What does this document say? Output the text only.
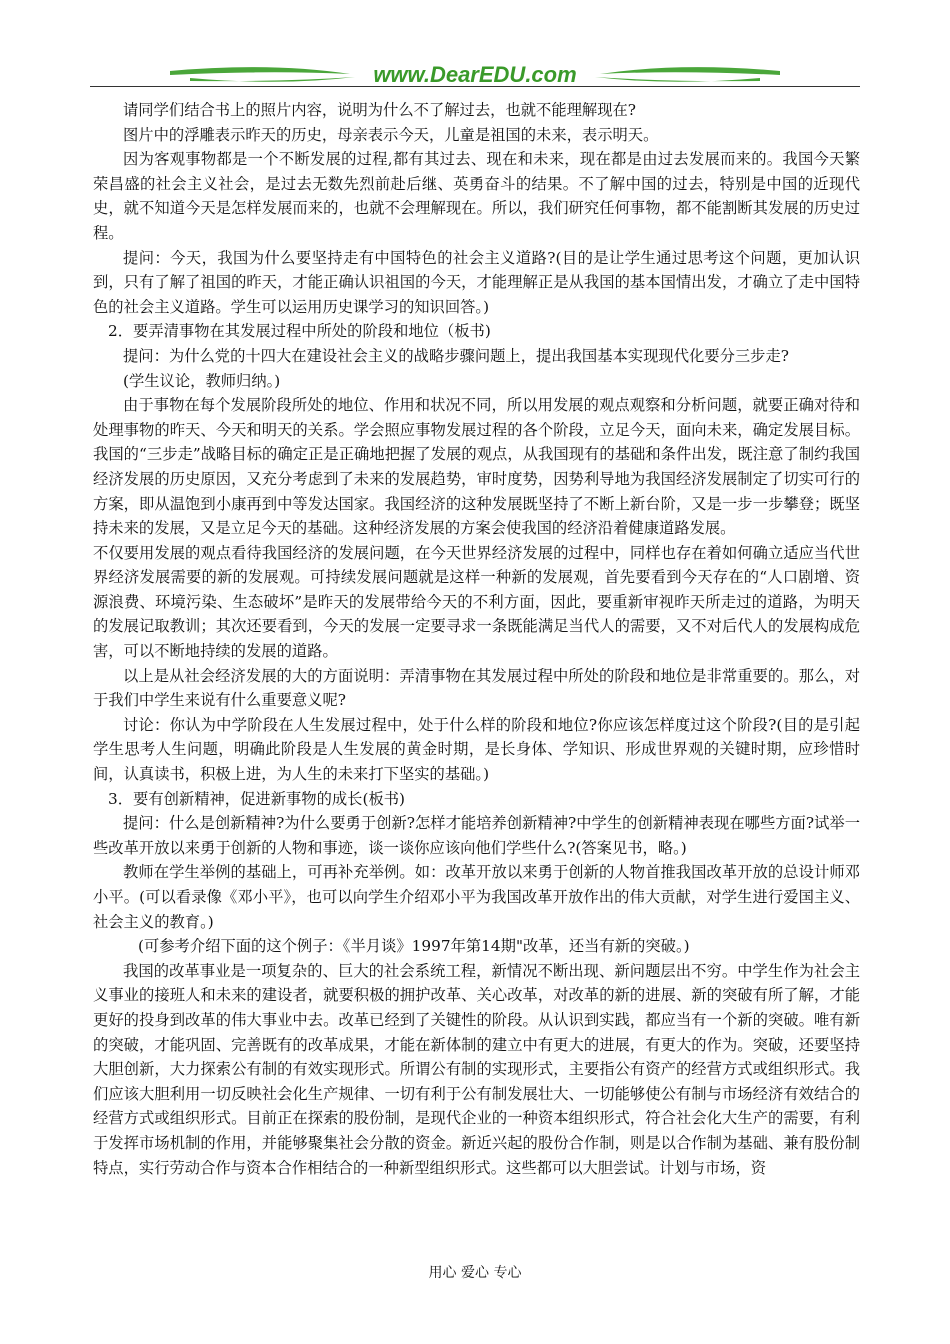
www.DearEDU.com

请同学们结合书上的照片内容，说明为什么不了解过去，也就不能理解现在?

图片中的浮雕表示昨天的历史，母亲表示今天，儿童是祖国的未来，表示明天。

因为客观事物都是一个不断发展的过程,都有其过去、现在和未来，现在都是由过去发展而来的。我国今天繁荣昌盛的社会主义社会，是过去无数先烈前赴后继、英勇奋斗的结果。不了解中国的过去，特别是中国的近现代史，就不知道今天是怎样发展而来的，也就不会理解现在。所以，我们研究任何事物，都不能割断其发展的历史过程。

提问：今天，我国为什么要坚持走有中国特色的社会主义道路?(目的是让学生通过思考这个问题，更加认识到，只有了解了祖国的昨天，才能正确认识祖国的今天，才能理解正是从我国的基本国情出发，才确立了走中国特色的社会主义道路。学生可以运用历史课学习的知识回答。)

2．要弄清事物在其发展过程中所处的阶段和地位（板书)

提问：为什么党的十四大在建设社会主义的战略步骤问题上，提出我国基本实现现代化要分三步走?

(学生议论，教师归纳。)

由于事物在每个发展阶段所处的地位、作用和状况不同，所以用发展的观点观察和分析问题，就要正确对待和处理事物的昨天、今天和明天的关系。学会照应事物发展过程的各个阶段，立足今天，面向未来，确定发展目标。我国的“三步走”战略目标的确定正是正确地把握了发展的观点，从我国现有的基础和条件出发，既注意了制约我国经济发展的历史原因，又充分考虑到了未来的发展趋势，审时度势，因势利导地为我国经济发展制定了切实可行的方案，即从温饱到小康再到中等发达国家。我国经济的这种发展既坚持了不断上新台阶，又是一步一步攀登；既坚持未来的发展，又是立足今天的基础。这种经济发展的方案会使我国的经济沿着健康道路发展。

不仅要用发展的观点看待我国经济的发展问题，在今天世界经济发展的过程中，同样也存在着如何确立适应当代世界经济发展需要的新的发展观。可持续发展问题就是这样一种新的发展观，首先要看到今天存在的“人口剧增、资源浪费、环境污染、生态破坏”是昨天的发展带给今天的不利方面，因此，要重新审视昨天所走过的道路，为明天的发展记取教训；其次还要看到，今天的发展一定要寻求一条既能满足当代人的需要，又不对后代人的发展构成危害，可以不断地持续的发展的道路。

以上是从社会经济发展的大的方面说明：弄清事物在其发展过程中所处的阶段和地位是非常重要的。那么，对于我们中学生来说有什么重要意义呢?

讨论：你认为中学阶段在人生发展过程中，处于什么样的阶段和地位?你应该怎样度过这个阶段?(目的是引起学生思考人生问题，明确此阶段是人生发展的黄金时期，是长身体、学知识、形成世界观的关键时期，应珍惜时间，认真读书，积极上进，为人生的未来打下坚实的基础。)

3．要有创新精神，促进新事物的成长(板书)

提问：什么是创新精神?为什么要勇于创新?怎样才能培养创新精神?中学生的创新精神表现在哪些方面?试举一些改革开放以来勇于创新的人物和事迹，谈一谈你应该向他们学些什么?(答案见书，略。)

教师在学生举例的基础上，可再补充举例。如：改革开放以来勇于创新的人物首推我国改革开放的总设计师邓小平。(可以看录像《邓小平》，也可以向学生介绍邓小平为我国改革开放作出的伟大贡献，对学生进行爱国主义、社会主义的教育。)

(可参考介绍下面的这个例子：《半月谈》1997年第14期"改革，还当有新的突破。)

我国的改革事业是一项复杂的、巨大的社会系统工程，新情况不断出现、新问题层出不穷。中学生作为社会主义事业的接班人和未来的建设者，就要积极的拥护改革、关心改革，对改革的新的进展、新的突破有所了解，才能更好的投身到改革的伟大事业中去。改革已经到了关键性的阶段。从认识到实践，都应当有一个新的突破。唯有新的突破，才能巩固、完善既有的改革成果，才能在新体制的建立中有更大的进展，有更大的作为。突破，还要坚持大胆创新，大力探索公有制的有效实现形式。所谓公有制的实现形式，主要指公有资产的经营方式或组织形式。我们应该大胆利用一切反映社会化生产规律、一切有利于公有制发展壮大、一切能够使公有制与市场经济有效结合的经营方式或组织形式。目前正在探索的股份制，是现代企业的一种资本组织形式，符合社会化大生产的需要，有利于发挥市场机制的作用，并能够聚集社会分散的资金。新近兴起的股份合作制，则是以合作制为基础、兼有股份制特点，实行劳动合作与资本合作相结合的一种新型组织形式。这些都可以大胆尝试。计划与市场，资

用心 爱心 专心
